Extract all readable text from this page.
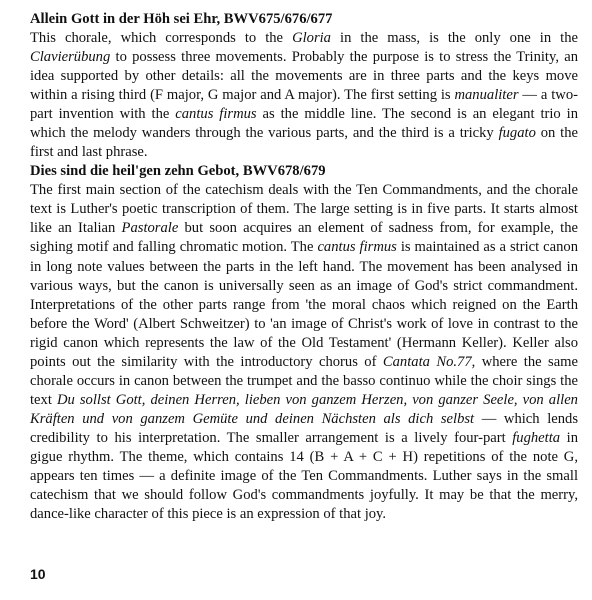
Allein Gott in der Höh sei Ehr, BWV675/676/677

This chorale, which corresponds to the Gloria in the mass, is the only one in the Clavierübung to possess three movements. Probably the purpose is to stress the Trinity, an idea supported by other details: all the movements are in three parts and the keys move within a rising third (F major, G major and A major). The first setting is manualiter — a two-part invention with the cantus firmus as the middle line. The second is an elegant trio in which the melody wanders through the various parts, and the third is a tricky fugato on the first and last phrase.

Dies sind die heil'gen zehn Gebot, BWV678/679

The first main section of the catechism deals with the Ten Commandments, and the chorale text is Luther's poetic transcription of them. The large setting is in five parts. It starts almost like an Italian Pastorale but soon acquires an element of sadness from, for example, the sighing motif and falling chromatic motion. The cantus firmus is maintained as a strict canon in long note values between the parts in the left hand. The movement has been analysed in various ways, but the canon is universally seen as an image of God's strict commandment. Interpretations of the other parts range from 'the moral chaos which reigned on the Earth before the Word' (Albert Schweitzer) to 'an image of Christ's work of love in contrast to the rigid canon which represents the law of the Old Testament' (Hermann Keller). Keller also points out the similarity with the introductory chorus of Cantata No.77, where the same chorale occurs in canon between the trumpet and the basso continuo while the choir sings the text Du sollst Gott, deinen Herren, lieben von ganzem Herzen, von ganzer Seele, von allen Kräften und von ganzem Gemüte und deinen Nächsten als dich selbst — which lends credibility to his interpretation. The smaller arrangement is a lively four-part fughetta in gigue rhythm. The theme, which contains 14 (B + A + C + H) repetitions of the note G, appears ten times — a definite image of the Ten Commandments. Luther says in the small catechism that we should follow God's commandments joyfully. It may be that the merry, dance-like character of this piece is an expression of that joy.

10
